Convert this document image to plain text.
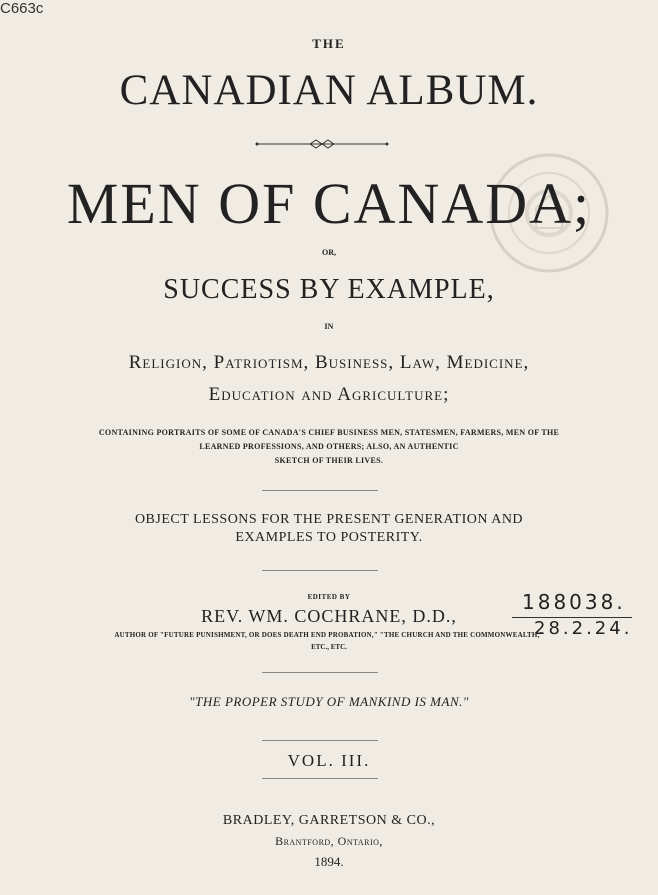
C663c
THE
CANADIAN ALBUM.
MEN OF CANADA;
OR,
SUCCESS BY EXAMPLE,
IN
Religion, Patriotism, Business, Law, Medicine,
Education and Agriculture;
CONTAINING PORTRAITS OF SOME OF CANADA'S CHIEF BUSINESS MEN, STATESMEN, FARMERS, MEN OF THE
LEARNED PROFESSIONS, AND OTHERS; ALSO, AN AUTHENTIC
SKETCH OF THEIR LIVES.
OBJECT LESSONS FOR THE PRESENT GENERATION AND
EXAMPLES TO POSTERITY.
EDITED BY
REV. WM. COCHRANE, D.D.,
AUTHOR OF "FUTURE PUNISHMENT, OR DOES DEATH END PROBATION," "THE CHURCH AND THE COMMONWEALTH,"
ETC., ETC.
188038.
28.2.24.
"THE PROPER STUDY OF MANKIND IS MAN."
VOL. III.
BRADLEY, GARRETSON & CO.,
Brantford, Ontario,
1894.
